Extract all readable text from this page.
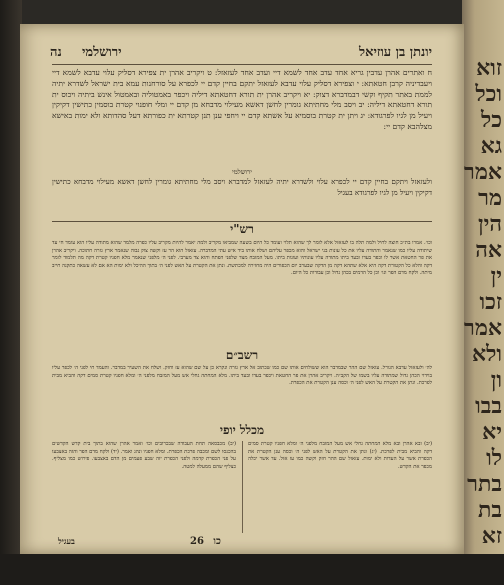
זוא
וכל
כל
גא
אמר
מר
הין
אה
ין
זכו
אמר
ולא
ון
בבו
יא
לו
בתר
בת
זא

יונתן בן עוזיאל
ירושלמי
נה
ח ואתרים אהרן עדבין גריא אחד עדב אחד לשמא דיי ועדב אחד לעזאזל: ט ויקריב אהרן ית צפירא דסליק עלוי עדבא לשמא דיי ויעבדיניה קרבן חטאתא: י וצפירא דסליק עלוי עדבא לעזאזל יתקם בחיין קדם יי לכפרא על סורחנות עמא בית ישראל לשדרא יתיה לממת באתר תקיף וקשי דבמדברא דצוק: יא ויקריב אהרן ית תורא דחטאתא דיליה ויכפר באמטוליה ובאמטול אינש ביתיה ויכוס ית תורא דחטאתא דיליה: יב ויסב מלי מחתיתא גומרין לחשן דאשא מעילוי מדבחא מן קדם יי ומלי חופנוי קטרת בוסמין כתישין דקיקין ויעיל מן לגיו לפרגודא: יג ויתן ית קטרת בוסמיא על אשתא קדם יי ויחפי ענן תנן קטרתא ית כפורתא דעל סהדותא ולא ימות באישא מצלהבא קדם יי:
ירושלמי
ולעזאזל ויתקם בחיין קדם יי לכפרא עלוי ולשדרא יתיה לעזאזל למדברא ויסב מלי מחתיתא גומרין לחשן דאשא מעילוי מדבחא כתישין דקיקין ויעיל מן לגיו לפרגודא בעגיל
רש"י
וכו׳. אמרו בת״כ חוצה לחיל ולמה תלה בו לעזאזל אלא לומר לך שהוא תלוי ועומד כל היום בשעה שמביאו מקריב ולמה יאמר להיות מקריב עליו כפרה מלמד שהוא מתודה עליו הוא עומד חי עד שיתודה עליו כמו שנאמר והתודה עליו את כל עונות בני ישראל והוא מכפר עליהם ושלח אותו ביד איש עתי המדברה. עזאזל הוא הר עז וקשה צוק גבוה שנאמר ארץ גזרה חתוכה. ויקריב אהרן את פר החטאת אשר לו וכפר בעדו ובעד ביתו מתודה עליו עונותיו ועונות ביתו. מעל המזבח מצד שלפני הפתח והוא צד מערבי. לפני ה׳ מלפני שנאמר מלא חפניו קטרת דקה מה תלמוד לומר דקה והלא כל הקטורת דקה היא אלא שתהא דקה מן הדקה שבערב יום הכפורים היה מחזירה למכתשת. ונתן את הקטרת על האש לפני ה׳ בתוך ההיכל ולא ימות הא אם לא עשאה כתקנה חייב מיתה. ולקח מדם הפר וגו׳ וכן כל הדמים בכהן גדול וכן עבודות כל היום.
רשב״ם
לה׳ ולעזאזל עדבא הגורל. עזאזל שם ההר שבמדבר הוא ששולחים אותו שם כמו שכתוב אל ארץ גזרה ונקרא כן על שם שהוא עז וחזק. ושלח את השעיר במדבר. והעמד חי לפני ה׳ לכפר עליו בוידוי הכהן גדול שמתודה עליו בשמו של הקב״ה. ויקריב אהרן את פר החטאת ויכפר בעדו ובעד ביתו. מלא המחתה גחלי אש מעל המזבח מלפני ה׳ ומלא חפניו קטרת סמים דקה והביא מבית לפרכת. ונתן את הקטרת על האש לפני ה׳ וכסה ענן הקטרת את הכפרת.
מכלל יופי
(יב) ובא אהרן ובא מלא המחתה גחלי אש מעל המזבח מלפני ה׳ ומלא חפניו קטרת סמים דקה והביא מבית לפרכת. (יג) ונתן את הקטרת על האש לפני ה׳ וכסה ענן הקטרת את הכפרת אשר על העדות ולא ימות. עזאזל שם ההר חזק וקשה כמו עז אזל. עד אשר יכלה מכפר את הקדש.
(יב) מכבסאה תחת העבודה שבכרובים וכו׳ ואמר אהרן שהוא בתוך בית קדש הקדשים בהכנסו לשם ומכבה פרכת הכפרת. ומלא חפניו ונהג ואמר. (יד) ולקח מדם הפר והזה באצבעו על פני הכפרת קדמה ולפני הכפרת יזה שבע פעמים מן הדם באצבעו. פירוש כמו מצליף. כצליף שהם ממעלה למטה.
כו 26
בעגיל
